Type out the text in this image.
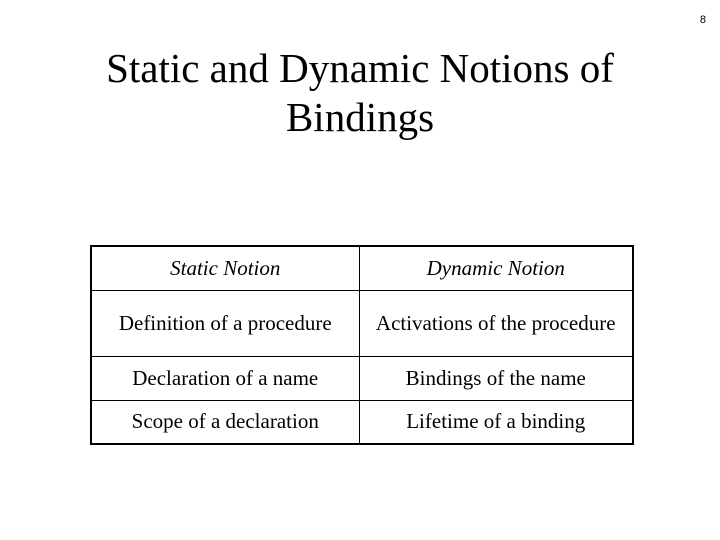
8
Static and Dynamic Notions of
Bindings
Static Notion	Dynamic Notion
Definition of a procedure	Activations of the procedure
Declaration of a name	Bindings of the name
Scope of a declaration	Lifetime of a binding
